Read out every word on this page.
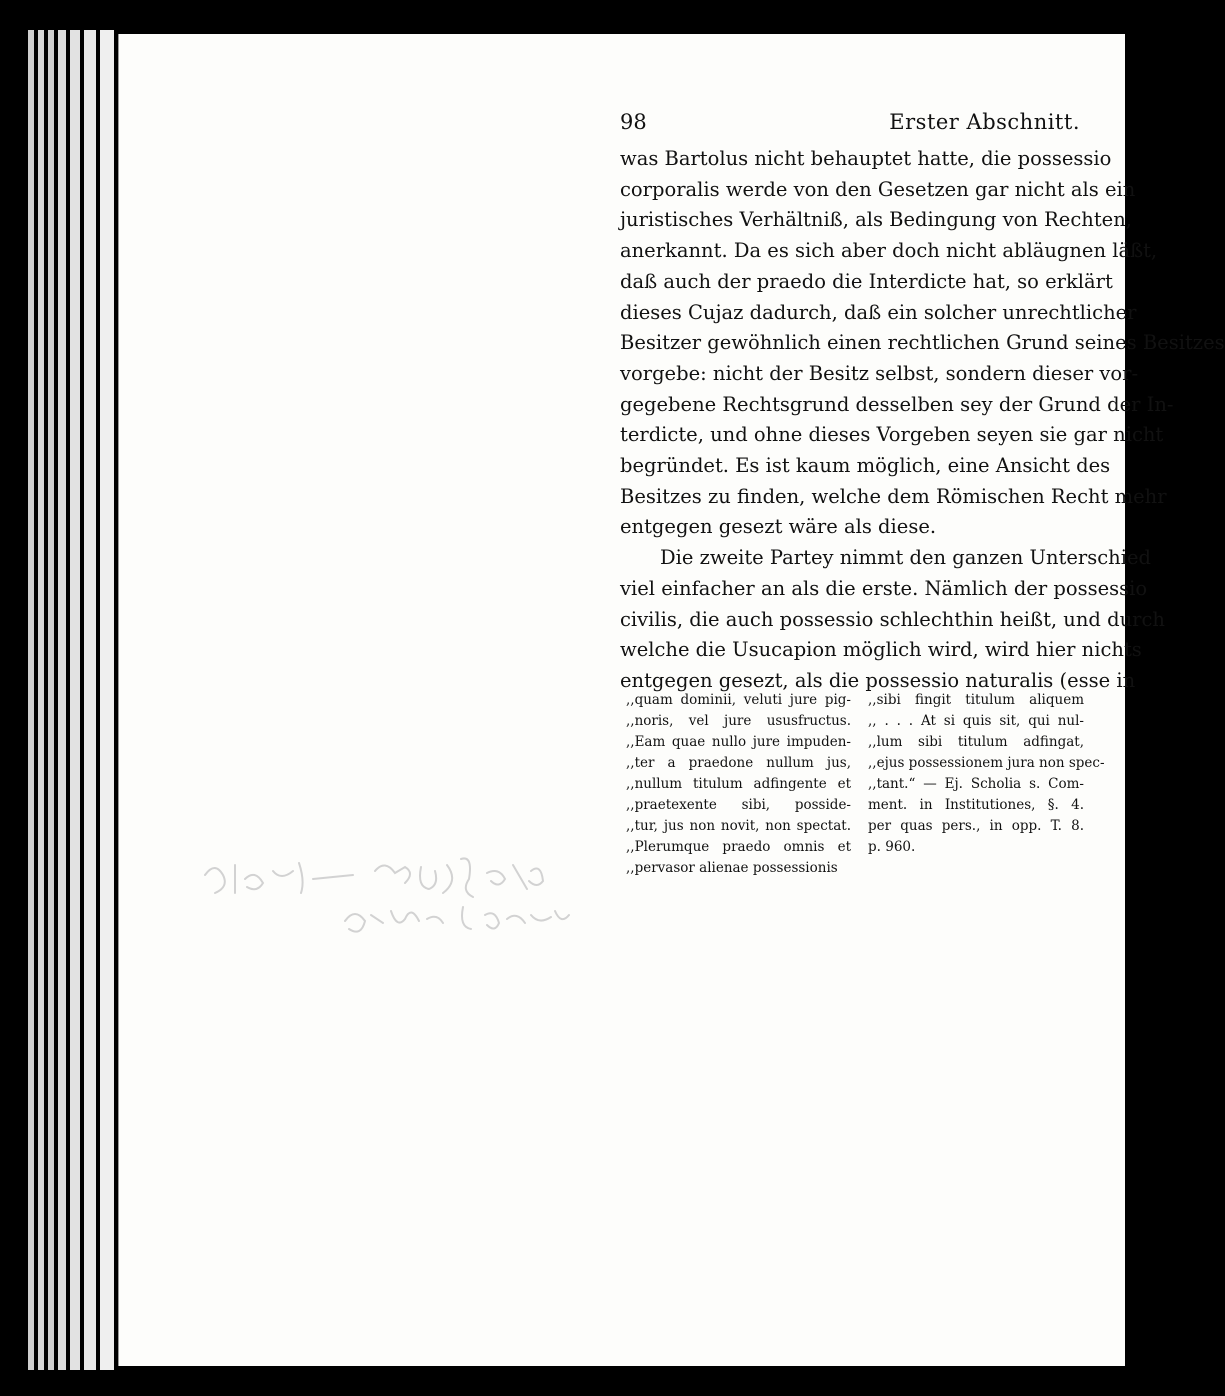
98	Erster Abschnitt.
was Bartolus nicht behauptet hatte, die possessio
corporalis werde von den Gesetzen gar nicht als ein
juristisches Verhältniß, als Bedingung von Rechten,
anerkannt. Da es sich aber doch nicht abläugnen läßt,
daß auch der praedo die Interdicte hat, so erklärt
dieses Cujaz dadurch, daß ein solcher unrechtlicher
Besitzer gewöhnlich einen rechtlichen Grund seines Besitzes
vorgebe: nicht der Besitz selbst, sondern dieser vor-
gegebene Rechtsgrund desselben sey der Grund der In-
terdicte, und ohne dieses Vorgeben seyen sie gar nicht
begründet. Es ist kaum möglich, eine Ansicht des
Besitzes zu finden, welche dem Römischen Recht mehr
entgegen gesezt wäre als diese.
Die zweite Partey nimmt den ganzen Unterschied
viel einfacher an als die erste. Nämlich der possessio
civilis, die auch possessio schlechthin heißt, und durch
welche die Usucapion möglich wird, wird hier nichts
entgegen gesezt, als die possessio naturalis (esse in
,,quam dominii, veluti jure pig-
,,noris, vel jure ususfructus.
,,Eam quae nullo jure impuden-
,,ter a praedone nullum jus,
,,nullum titulum adfingente et
,,praetexente sibi, posside-
,,tur, jus non novit, non spectat.
,,Plerumque praedo omnis et
,,pervasor alienae possessionis
,,sibi fingit titulum aliquem
,, . . . At si quis sit, qui nul-
,,lum sibi titulum adfingat,
,,ejus possessionem jura non spec-
,,tant.“ — Ej. Scholia s. Com-
ment. in Institutiones, §. 4.
per quas pers., in opp. T. 8.
p. 960.
